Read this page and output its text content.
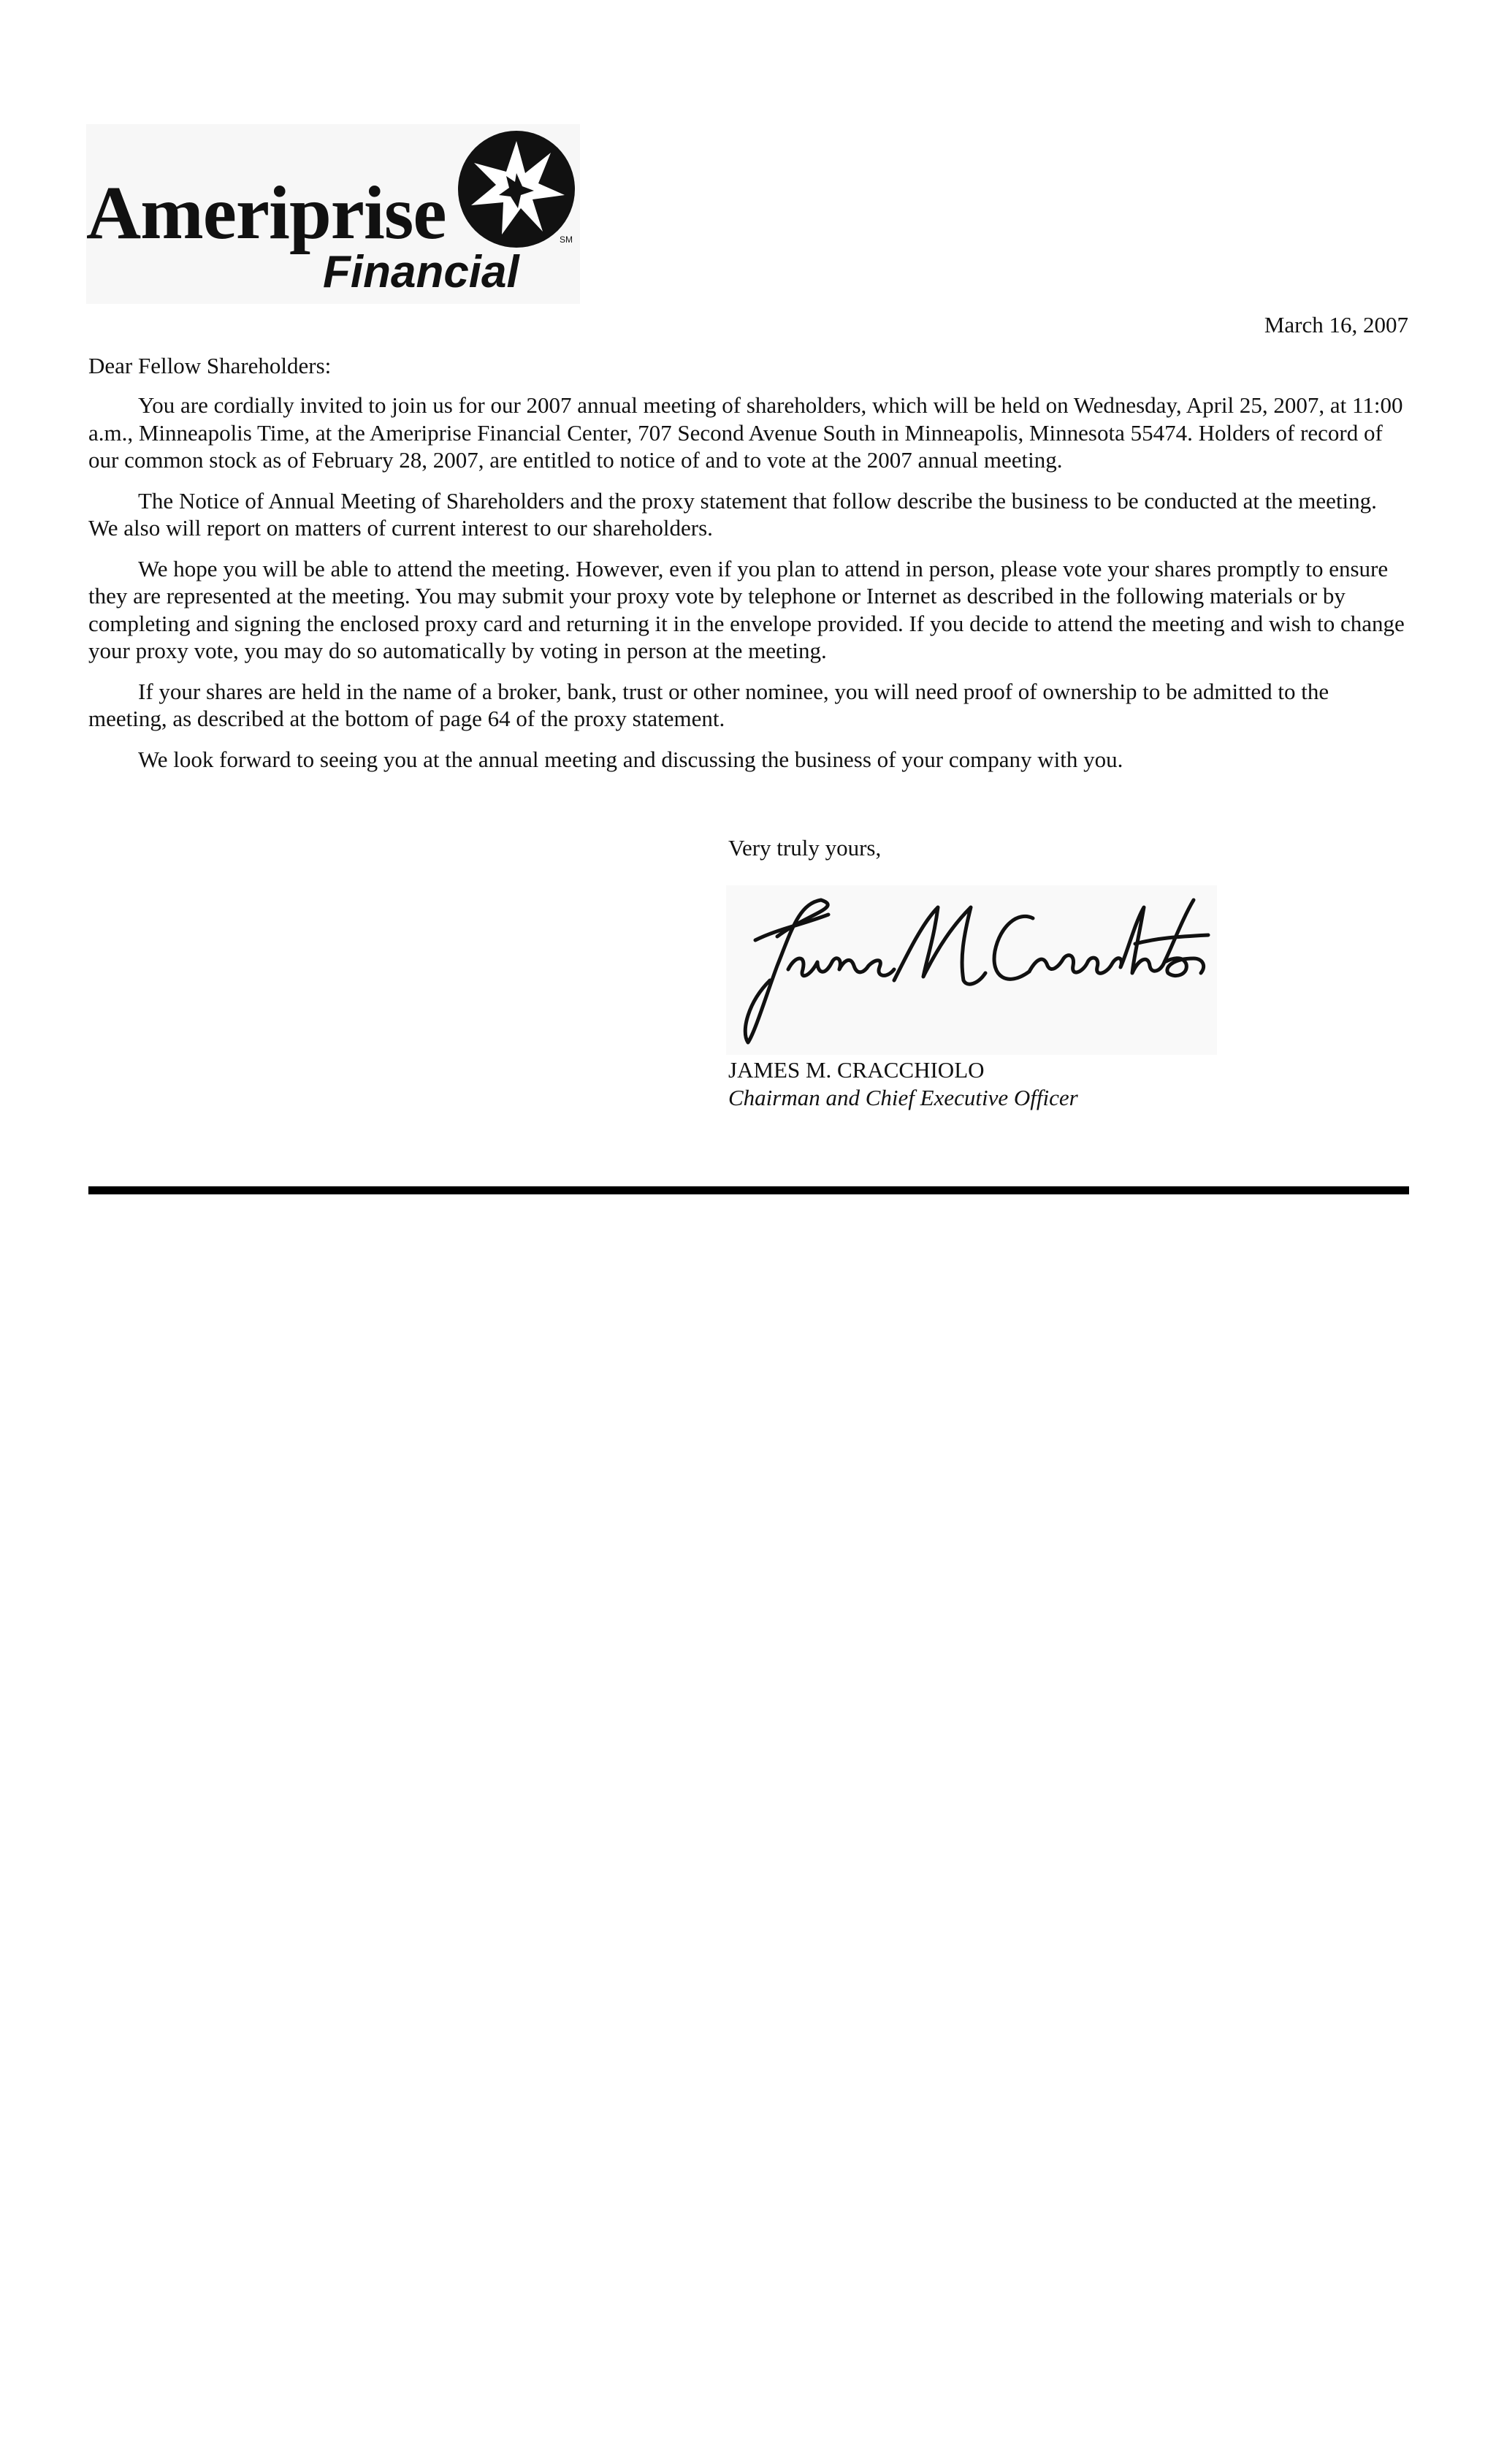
Ameriprise
Financial
SM
March 16, 2007
Dear Fellow Shareholders:

You are cordially invited to join us for our 2007 annual meeting of shareholders, which will be held on Wednesday, April 25, 2007, at 11:00 a.m., Minneapolis Time, at the Ameriprise Financial Center, 707 Second Avenue South in Minneapolis, Minnesota 55474. Holders of record of our common stock as of February 28, 2007, are entitled to notice of and to vote at the 2007 annual meeting.

The Notice of Annual Meeting of Shareholders and the proxy statement that follow describe the business to be conducted at the meeting. We also will report on matters of current interest to our shareholders.

We hope you will be able to attend the meeting. However, even if you plan to attend in person, please vote your shares promptly to ensure they are represented at the meeting. You may submit your proxy vote by telephone or Internet as described in the following materials or by completing and signing the enclosed proxy card and returning it in the envelope provided. If you decide to attend the meeting and wish to change your proxy vote, you may do so automatically by voting in person at the meeting.

If your shares are held in the name of a broker, bank, trust or other nominee, you will need proof of ownership to be admitted to the meeting, as described at the bottom of page 64 of the proxy statement.

We look forward to seeing you at the annual meeting and discussing the business of your company with you.

Very truly yours,
JAMES M. CRACCHIOLO
Chairman and Chief Executive Officer
